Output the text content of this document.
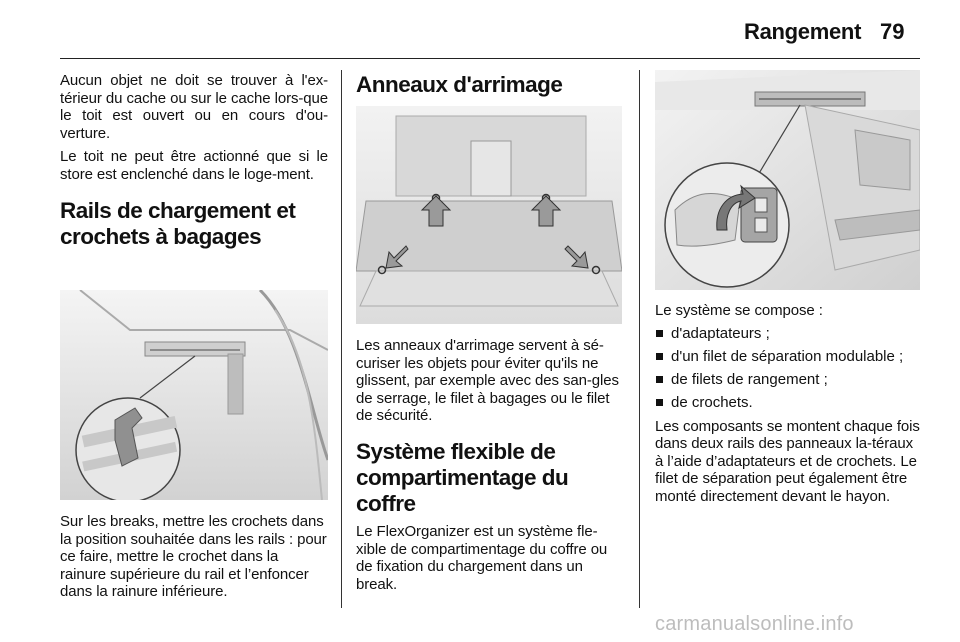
Rangement 79

Aucun objet ne doit se trouver à l'ex-térieur du cache ou sur le cache lors-que le toit est ouvert ou en cours d'ou-verture.

Le toit ne peut être actionné que si le store est enclenché dans le loge-ment.

Rails de chargement et crochets à bagages

Sur les breaks, mettre les crochets dans la position souhaitée dans les rails : pour ce faire, mettre le crochet dans la rainure supérieure du rail et l’enfoncer dans la rainure inférieure.

Anneaux d'arrimage

Les anneaux d'arrimage servent à sé-curiser les objets pour éviter qu'ils ne glissent, par exemple avec des san-gles de serrage, le filet à bagages ou le filet de sécurité.

Système flexible de compartimentage du coffre

Le FlexOrganizer est un système fle-xible de compartimentage du coffre ou de fixation du chargement dans un break.

Le système se compose :

d'adaptateurs ;
d'un filet de séparation modulable ;
de filets de rangement ;
de crochets.

Les composants se montent chaque fois dans deux rails des panneaux la-téraux à l’aide d’adaptateurs et de crochets. Le filet de séparation peut également être monté directement devant le hayon.

carmanualsonline.info
